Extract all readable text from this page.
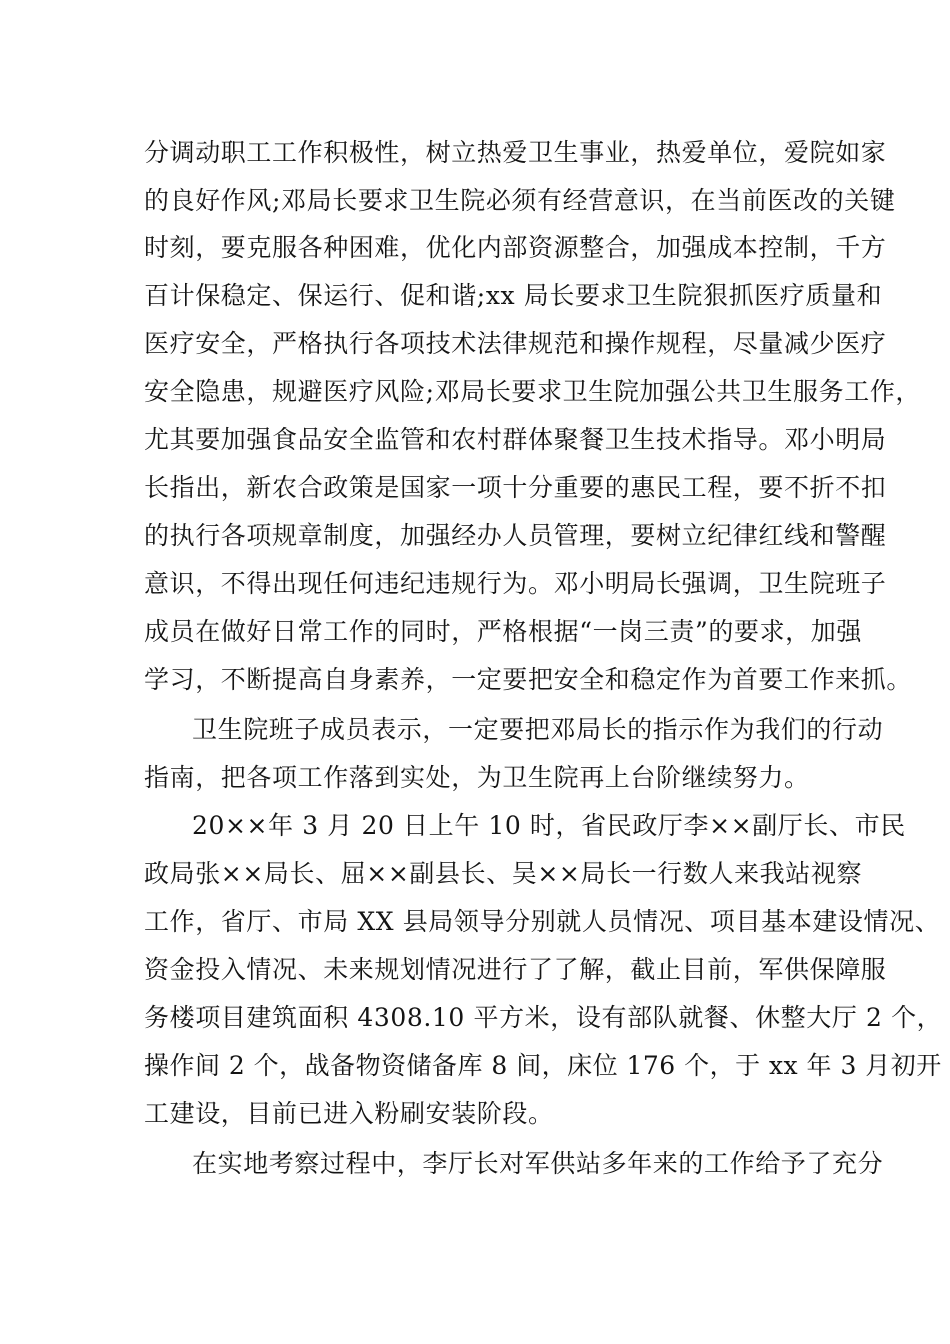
分调动职工工作积极性，树立热爱卫生事业，热爱单位，爱院如家
的良好作风;邓局长要求卫生院必须有经营意识，在当前医改的关键
时刻，要克服各种困难，优化内部资源整合，加强成本控制，千方
百计保稳定、保运行、促和谐;xx 局长要求卫生院狠抓医疗质量和
医疗安全，严格执行各项技术法律规范和操作规程，尽量减少医疗
安全隐患，规避医疗风险;邓局长要求卫生院加强公共卫生服务工作，
尤其要加强食品安全监管和农村群体聚餐卫生技术指导。邓小明局
长指出，新农合政策是国家一项十分重要的惠民工程，要不折不扣
的执行各项规章制度，加强经办人员管理，要树立纪律红线和警醒
意识，不得出现任何违纪违规行为。邓小明局长强调，卫生院班子
成员在做好日常工作的同时，严格根据“一岗三责”的要求，加强
学习，不断提高自身素养，一定要把安全和稳定作为首要工作来抓。
卫生院班子成员表示，一定要把邓局长的指示作为我们的行动
指南，把各项工作落到实处，为卫生院再上台阶继续努力。
20××年 3 月 20 日上午 10 时，省民政厅李××副厅长、市民
政局张××局长、屈××副县长、吴××局长一行数人来我站视察
工作，省厅、市局 XX 县局领导分别就人员情况、项目基本建设情况、
资金投入情况、未来规划情况进行了了解，截止目前，军供保障服
务楼项目建筑面积 4308.10 平方米，设有部队就餐、休整大厅 2 个，
操作间 2 个，战备物资储备库 8 间，床位 176 个，于 xx 年 3 月初开
工建设，目前已进入粉刷安装阶段。
在实地考察过程中，李厅长对军供站多年来的工作给予了充分
